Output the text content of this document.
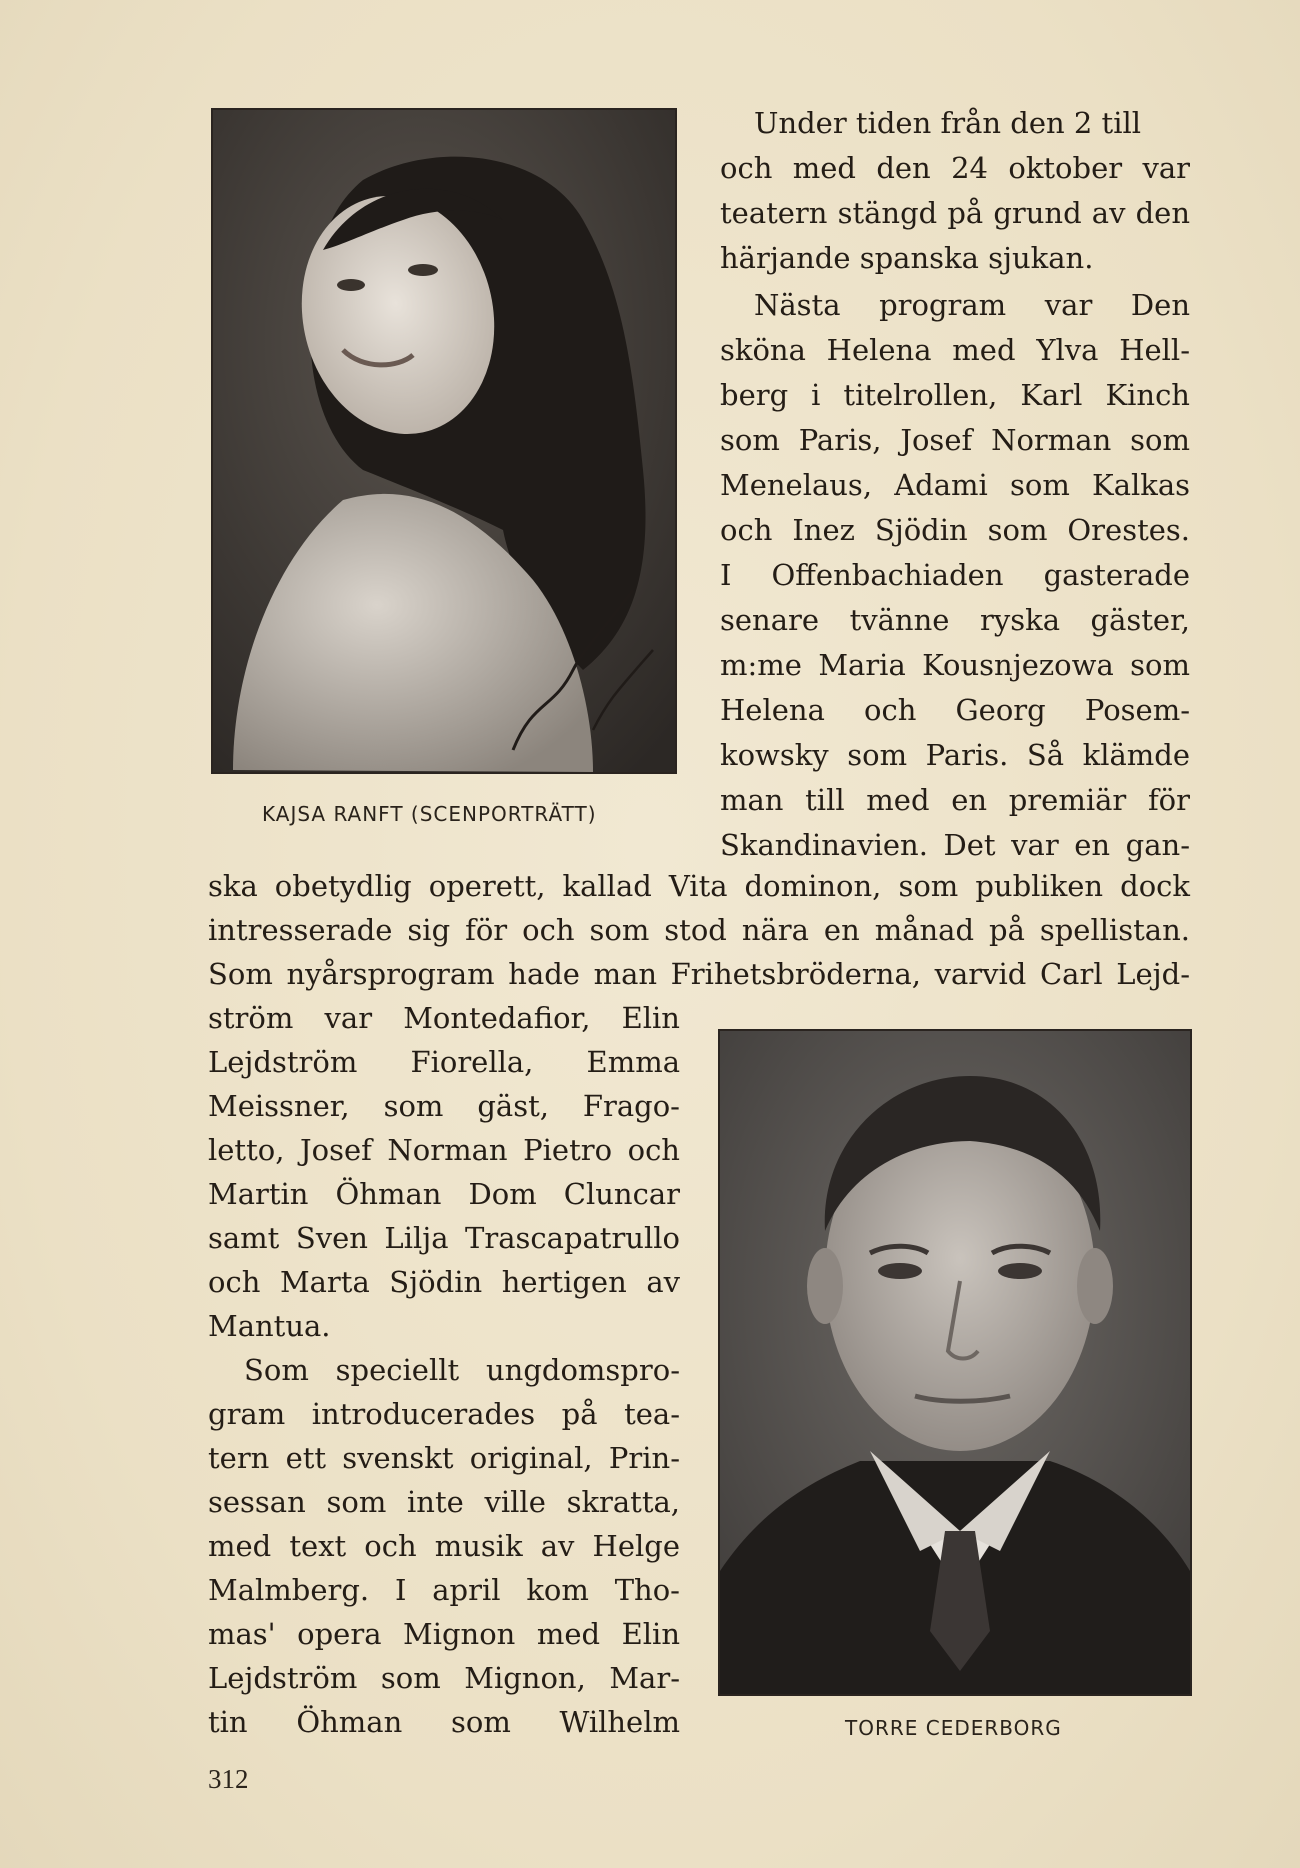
KAJSA RANFT (SCENPORTRÄTT)
TORRE CEDERBORG
Under tiden från den 2 till
och med den 24 oktober var
teatern stängd på grund av den
härjande spanska sjukan.
Nästa program var Den
sköna Helena med Ylva Hell-
berg i titelrollen, Karl Kinch
som Paris, Josef Norman som
Menelaus, Adami som Kalkas
och Inez Sjödin som Orestes.
I Offenbachiaden gasterade
senare tvänne ryska gäster,
m:me Maria Kousnjezowa som
Helena och Georg Posem-
kowsky som Paris. Så klämde
man till med en premiär för
Skandinavien. Det var en gan-
ska obetydlig operett, kallad Vita dominon, som publiken dock
intresserade sig för och som stod nära en månad på spellistan.
Som nyårsprogram hade man Frihetsbröderna, varvid Carl Lejd-
ström var Montedafior, Elin
Lejdström Fiorella, Emma
Meissner, som gäst, Frago-
letto, Josef Norman Pietro och
Martin Öhman Dom Cluncar
samt Sven Lilja Trascapatrullo
och Marta Sjödin hertigen av
Mantua.
Som speciellt ungdomspro-
gram introducerades på tea-
tern ett svenskt original, Prin-
sessan som inte ville skratta,
med text och musik av Helge
Malmberg. I april kom Tho-
mas' opera Mignon med Elin
Lejdström som Mignon, Mar-
tin Öhman som Wilhelm
312
